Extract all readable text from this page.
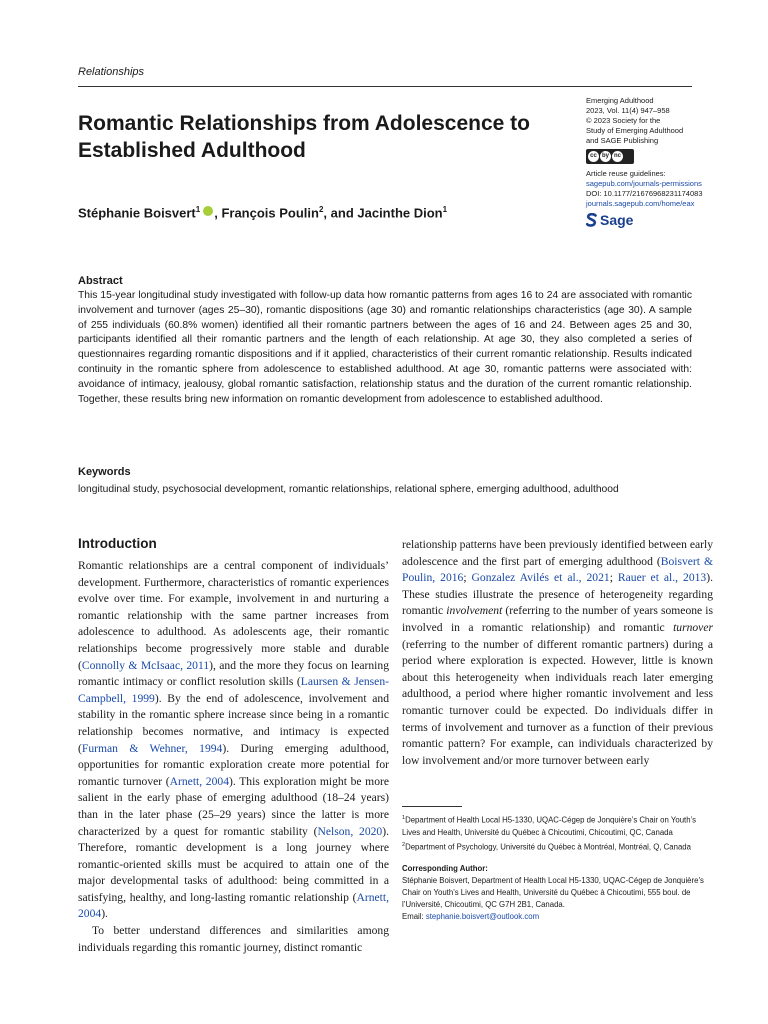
Relationships
Romantic Relationships from Adolescence to Established Adulthood
Stéphanie Boisvert$^1$ , François Poulin$^2$, and Jacinthe Dion$^1$
Emerging Adulthood
2023, Vol. 11(4) 947–958
© 2023 Society for the
Study of Emerging Adulthood
and SAGE Publishing
cc by nc
Article reuse guidelines:
sagepub.com/journals-permissions
DOI: 10.1177/21676968231174083
journals.sagepub.com/home/eax
Sage
Abstract

This 15-year longitudinal study investigated with follow-up data how romantic patterns from ages 16 to 24 are associated with romantic involvement and turnover (ages 25–30), romantic dispositions (age 30) and romantic relationships characteristics (age 30). A sample of 255 individuals (60.8% women) identified all their romantic partners between the ages of 16 and 24. Between ages 25 and 30, participants identified all their romantic partners and the length of each relationship. At age 30, they also completed a series of questionnaires regarding romantic dispositions and if it applied, characteristics of their current romantic relationship. Results indicated continuity in the romantic sphere from adolescence to established adulthood. At age 30, romantic patterns were associated with: avoidance of intimacy, jealousy, global romantic satisfaction, relationship status and the duration of the current romantic relationship. Together, these results bring new information on romantic development from adolescence to established adulthood.

Keywords
longitudinal study, psychosocial development, romantic relationships, relational sphere, emerging adulthood, adulthood
Introduction

Romantic relationships are a central component of individuals’ development. Furthermore, characteristics of romantic experiences evolve over time. For example, involvement in and nurturing a romantic relationship with the same partner increases from adolescence to adulthood. As adolescents age, their romantic relationships become progressively more stable and durable (Connolly & McIsaac, 2011), and the more they focus on learning romantic intimacy or conflict resolution skills (Laursen & Jensen-Campbell, 1999). By the end of adolescence, involvement and stability in the romantic sphere increase since being in a romantic relationship becomes normative, and intimacy is expected (Furman & Wehner, 1994). During emerging adulthood, opportunities for romantic exploration create more potential for romantic turnover (Arnett, 2004). This exploration might be more salient in the early phase of emerging adulthood (18–24 years) than in the later phase (25–29 years) since the latter is more characterized by a quest for romantic stability (Nelson, 2020). Therefore, romantic development is a long journey where romantic-oriented skills must be acquired to attain one of the major developmental tasks of adulthood: being committed in a satisfying, healthy, and long-lasting romantic relationship (Arnett, 2004).

To better understand differences and similarities among individuals regarding this romantic journey, distinct romantic

relationship patterns have been previously identified between early adolescence and the first part of emerging adulthood (Boisvert & Poulin, 2016; Gonzalez Avilés et al., 2021; Rauer et al., 2013). These studies illustrate the presence of heterogeneity regarding romantic involvement (referring to the number of years someone is involved in a romantic relationship) and romantic turnover (referring to the number of different romantic partners) during a period where exploration is expected. However, little is known about this heterogeneity when individuals reach later emerging adulthood, a period where higher romantic involvement and less romantic turnover could be expected. Do individuals differ in terms of involvement and turnover as a function of their previous romantic pattern? For example, can individuals characterized by low involvement and/or more turnover between early

$^1$Department of Health Local H5-1330, UQAC-Cégep de Jonquière’s Chair on Youth’s Lives and Health, Université du Québec à Chicoutimi, Chicoutimi, QC, Canada
$^2$Department of Psychology, Université du Québec à Montréal, Montréal, Q, Canada
Corresponding Author:
Stéphanie Boisvert, Department of Health Local H5-1330, UQAC-Cégep de Jonquière’s Chair on Youth’s Lives and Health, Université du Québec à Chicoutimi, 555 boul. de l’Université, Chicoutimi, QC G7H 2B1, Canada.
Email: stephanie.boisvert@outlook.com
